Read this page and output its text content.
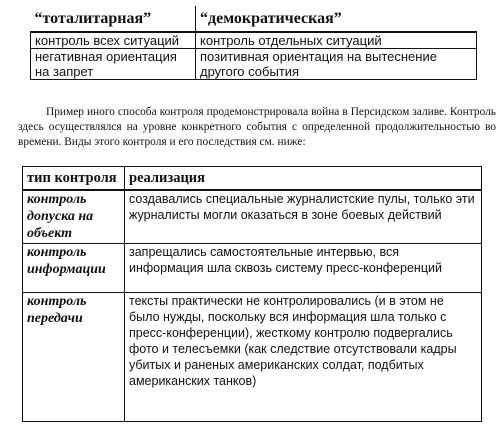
“тоталитарная”	“демократическая”
контроль всех ситуаций	контроль отдельных ситуаций
негативная ориентация на запрет	позитивная ориентация на вытеснение другого события

Пример иного способа контроля продемонстрировала война в Персидском заливе. Контроль здесь осуществлялся на уровне конкретного события с определенной продолжительностью во времени. Виды этого контроля и его последствия см. ниже:

тип контроля	реализация
контроль допуска на объект	создавались специальные журналистские пулы, только эти журналисты могли оказаться в зоне боевых действий
контроль информации	запрещались самостоятельные интервью, вся информация шла сквозь систему пресс-конференций
контроль передачи	тексты практически не контролировались (и в этом не было нужды, поскольку вся информация шла только с пресс-конференции), жесткому контролю подвергались фото и телесъемки (как следствие отсутствовали кадры убитых и раненых американских солдат, подбитых американских танков)
